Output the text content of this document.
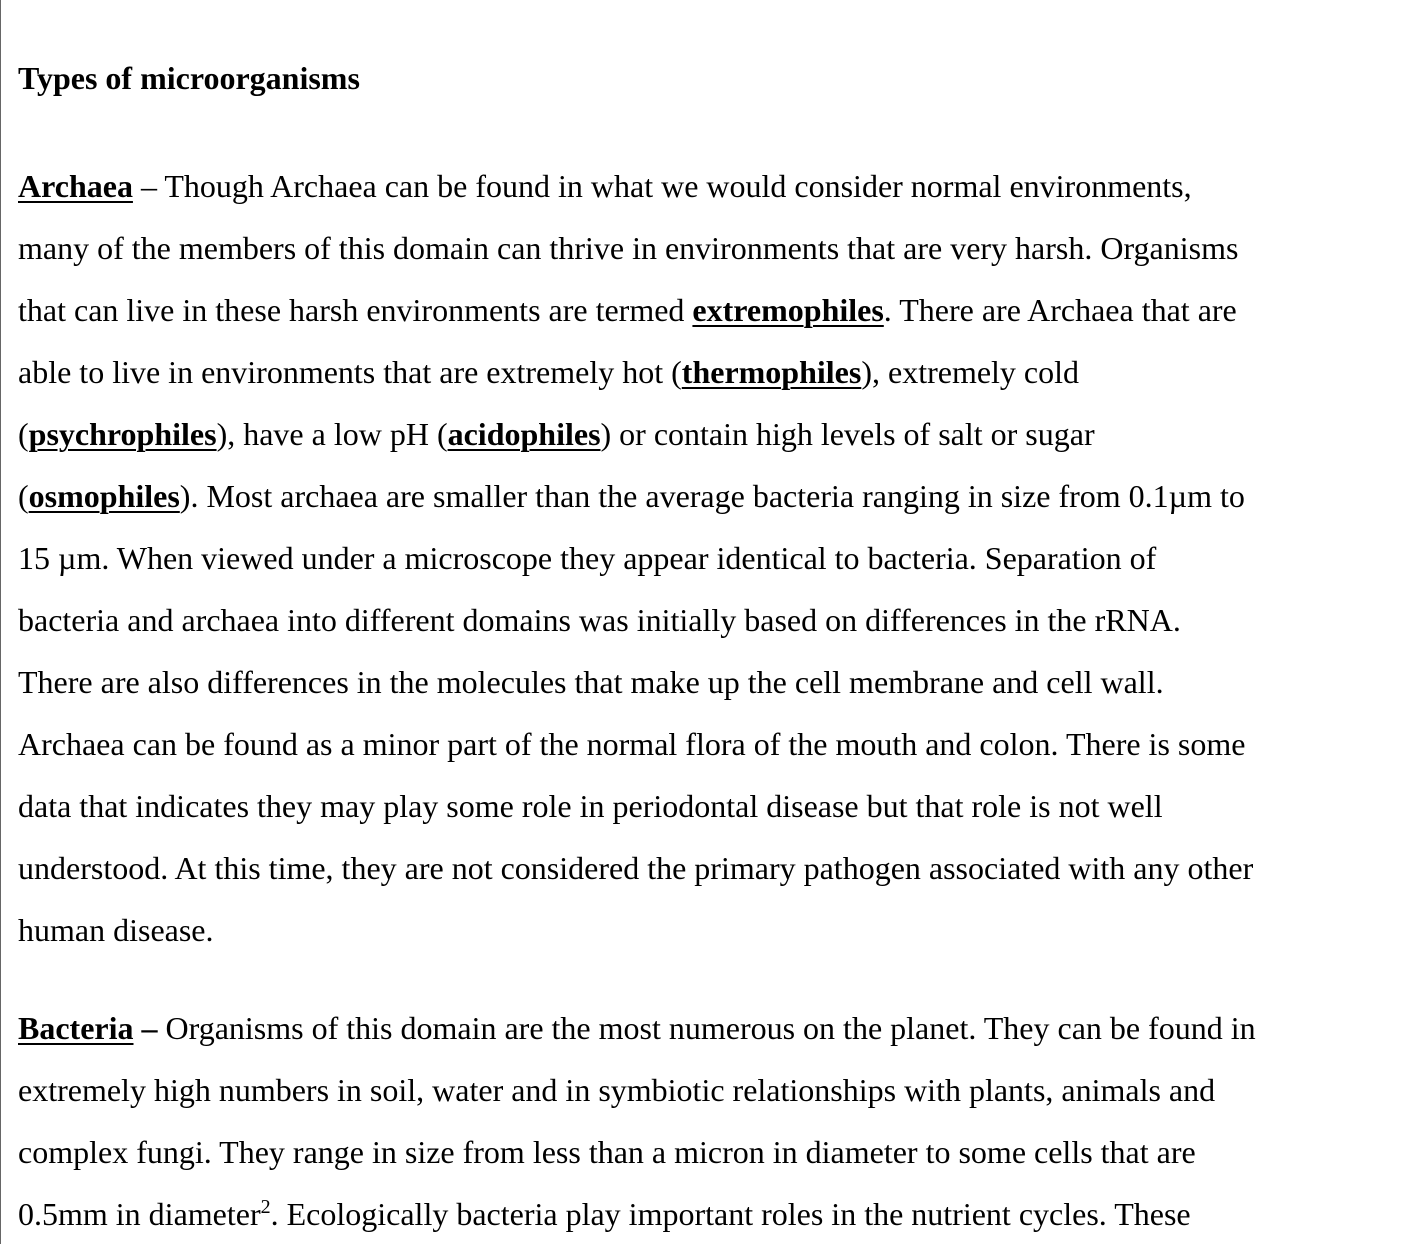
Types of microorganisms
Archaea – Though Archaea can be found in what we would consider normal environments,
many of the members of this domain can thrive in environments that are very harsh. Organisms
that can live in these harsh environments are termed extremophiles. There are Archaea that are
able to live in environments that are extremely hot (thermophiles), extremely cold
(psychrophiles), have a low pH (acidophiles) or contain high levels of salt or sugar
(osmophiles). Most archaea are smaller than the average bacteria ranging in size from 0.1µm to
15 µm. When viewed under a microscope they appear identical to bacteria. Separation of
bacteria and archaea into different domains was initially based on differences in the rRNA.
There are also differences in the molecules that make up the cell membrane and cell wall.
Archaea can be found as a minor part of the normal flora of the mouth and colon. There is some
data that indicates they may play some role in periodontal disease but that role is not well
understood. At this time, they are not considered the primary pathogen associated with any other
human disease.
Bacteria – Organisms of this domain are the most numerous on the planet. They can be found in
extremely high numbers in soil, water and in symbiotic relationships with plants, animals and
complex fungi. They range in size from less than a micron in diameter to some cells that are
0.5mm in diameter$^2$. Ecologically bacteria play important roles in the nutrient cycles. These
